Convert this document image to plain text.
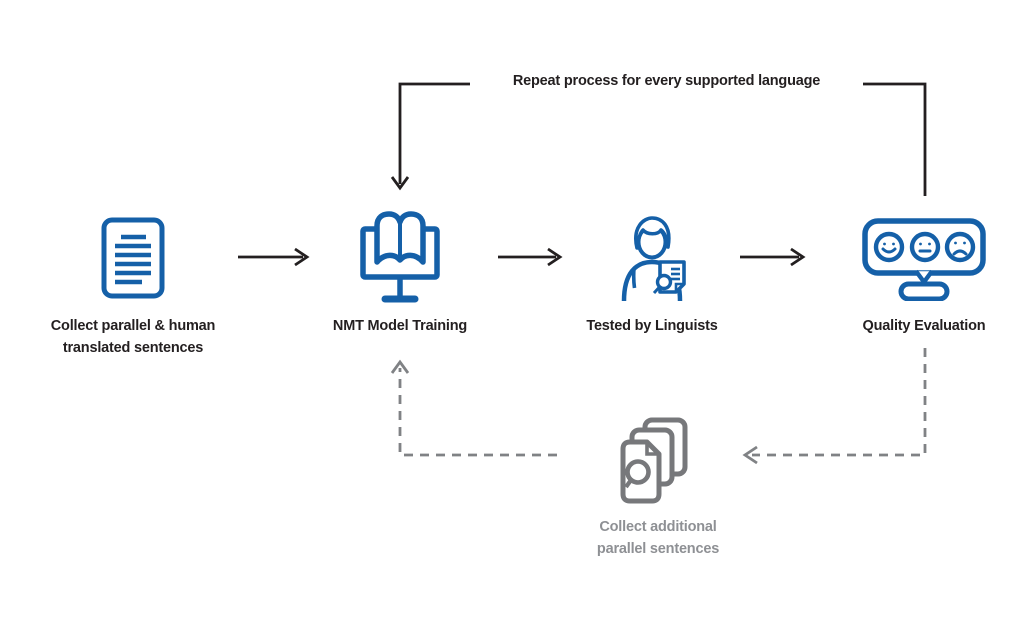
Repeat process for every supported language
Collect parallel & human
translated sentences
NMT Model Training	Tested by Linguists	Quality Evaluation
Collect additional
parallel sentences
